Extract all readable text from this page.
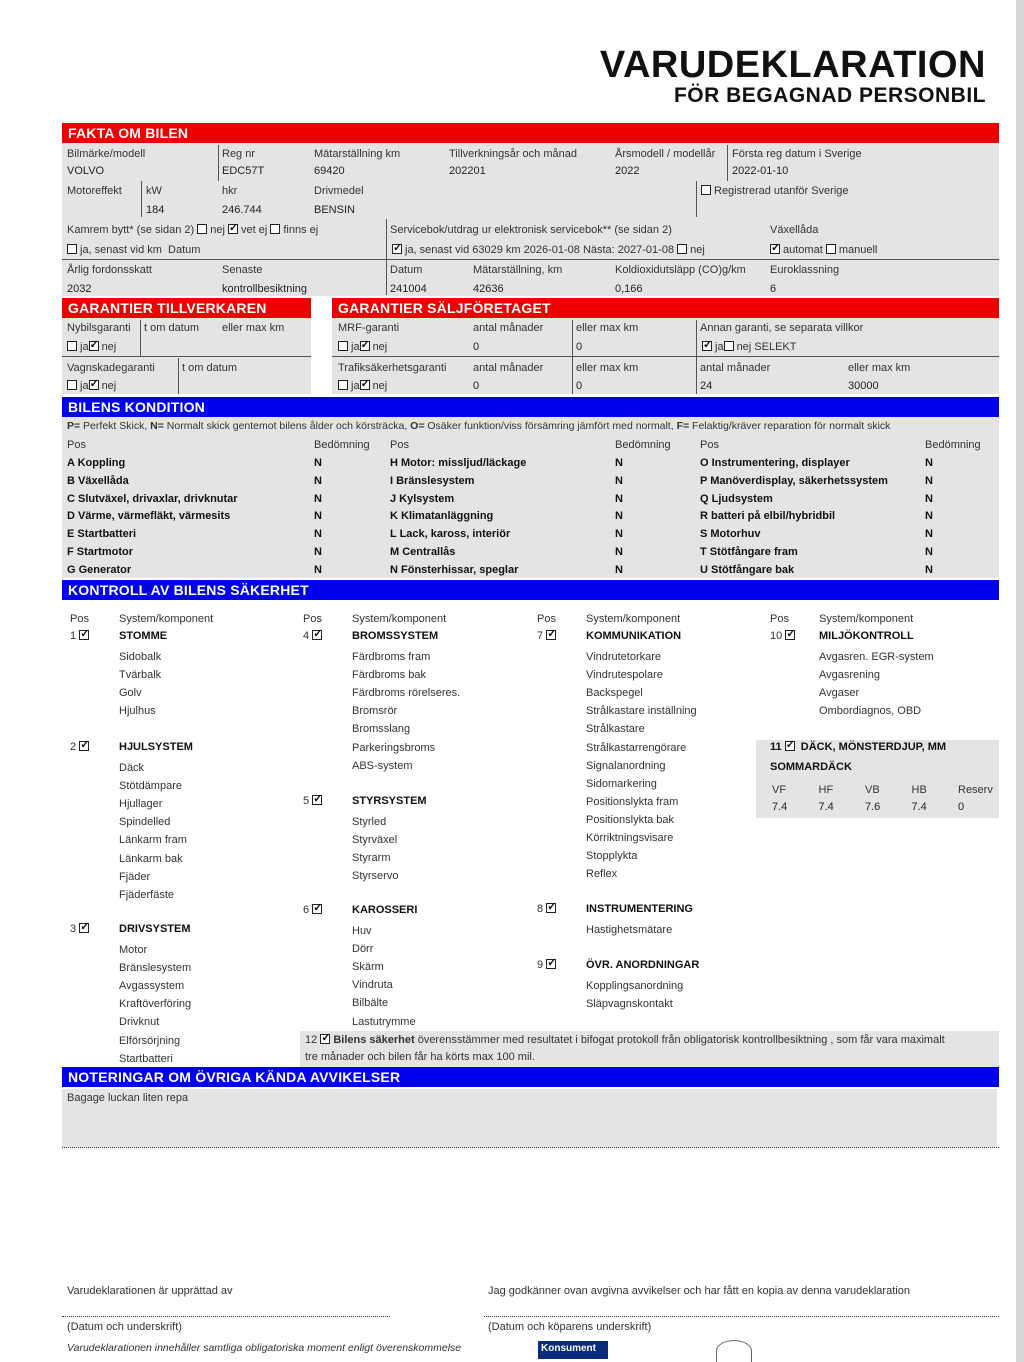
VARUDEKLARATION
FÖR BEGAGNAD PERSONBIL
FAKTA OM BILEN
Bilmärke/modell
VOLVO
Reg nr
EDC57T
Mätarställning km
69420
Tillverkningsår och månad
202201
Årsmodell / modellår
2022
Första reg datum i Sverige
2022-01-10
Motoreffekt kW
184
hkr
246.744
Drivmedel
BENSIN
Registrerad utanför Sverige
Kamrem bytt* (se sidan 2) nej ✓ vet ej finns ej
ja, senast vid km Datum
Servicebok/utdrag ur elektronisk servicebok** (se sidan 2)
✓ja, senast vid 63029 km 2026-01-08 Nästa: 2027-01-08 nej
Växellåda
✓automat manuell
Årlig fordonsskatt
2032
Senaste
kontrollbesiktning
Datum
241004
Mätarställning, km
42636
Koldioxidutsläpp (CO)g/km
0,166
Euroklassning
6
GARANTIER TILLVERKAREN	GARANTIER SÄLJFÖRETAGET
Nybilsgaranti t om datum eller max km
ja ✓ nej
Vagnskadegaranti t om datum
ja ✓ nej
MRF-garanti	antal månader	eller max km
ja ✓ nej	0	0
Annan garanti, se separata villkor
✓ja nej SELEKT
Trafiksäkerhetsgaranti antal månader	eller max km
ja ✓ nej	0	0
antal månader	eller max km
24	30000
BILENS KONDITION
P= Perfekt Skick, N= Normalt skick gentemot bilens ålder och körsträcka, O= Osäker funktion/viss försämring jämfört med normalt, F= Felaktig/kräver reparation för normalt skick
Pos	Bedömning Pos	Bedömning	Pos	Bedömning
A Koppling	N
B Växellåda	N
C Slutväxel, drivaxlar, drivknutar	N
D Värme, värmefläkt, värmesits	N
E Startbatteri	N
F Startmotor	N
G Generator	N
H Motor: missljud/läckage	N
I Bränslesystem	N
J Kylsystem	N
K Klimatanläggning	N
L Lack, kaross, interiör	N
M Centrallås	N
N Fönsterhissar, speglar	N
O Instrumentering, displayer	N
P Manöverdisplay, säkerhetssystem	N
Q Ljudsystem	N
R batteri på elbil/hybridbil	N
S Motorhuv	N
T Stötfångare fram	N
U Stötfångare bak	N
KONTROLL AV BILENS SÄKERHET
Pos	System/komponent	Pos	System/komponent	Pos	System/komponent	Pos	System/komponent
1 ✓	STOMME
Sidobalk
Tvärbalk
Golv
Hjulhus
2 ✓	HJULSYSTEM
Däck
Stötdämpare
Hjullager
Spindelled
Länkarm fram
Länkarm bak
Fjäder
Fjäderfäste
3 ✓	DRIVSYSTEM
Motor
Bränslesystem
Avgassystem
Kraftöverföring
Drivknut
Elförsörjning
Startbatteri
4 ✓	BROMSSYSTEM
Färdbroms fram
Färdbroms bak
Färdbroms rörelseres.
Bromsrör
Bromsslang
Parkeringsbroms
ABS-system
5 ✓	STYRSYSTEM
Styrled
Styrväxel
Styrarm
Styrservo
6 ✓	KAROSSERI
Huv
Dörr
Skärm
Vindruta
Bilbälte
Lastutrymme
7 ✓	KOMMUNIKATION
Vindrutetorkare
Vindrutespolare
Backspegel
Strålkastare inställning
Strålkastare
Strålkastarrengörare
Signalanordning
Sidomarkering
Positionslykta fram
Positionslykta bak
Körriktningsvisare
Stopplykta
Reflex
8 ✓	INSTRUMENTERING
Hastighetsmätare
9 ✓	ÖVR. ANORDNINGAR
Kopplingsanordning
Släpvagnskontakt
10 ✓	MILJÖKONTROLL
Avgasren. EGR-system
Avgasrening
Avgaser
Ombordiagnos, OBD
11 ✓ DÄCK, MÖNSTERDJUP, MM
SOMMARDÄCK
VF
7.4
HF
7.4
VB
7.6
HB
7.4
Reserv
0
12 ✓ Bilens säkerhet överensstämmer med resultatet i bifogat protokoll från obligatorisk kontrollbesiktning , som får vara maximalt
tre månader och bilen får ha körts max 100 mil.
NOTERINGAR OM ÖVRIGA KÄNDA AVVIKELSER
Bagage luckan liten repa
Varudeklarationen är upprättad av	Jag godkänner ovan avgivna avvikelser och har fått en kopia av denna varudeklaration
(Datum och underskrift)	(Datum och köparens underskrift)
Varudeklarationen innehåller samtliga obligatoriska moment enligt överenskommelse	Konsument
